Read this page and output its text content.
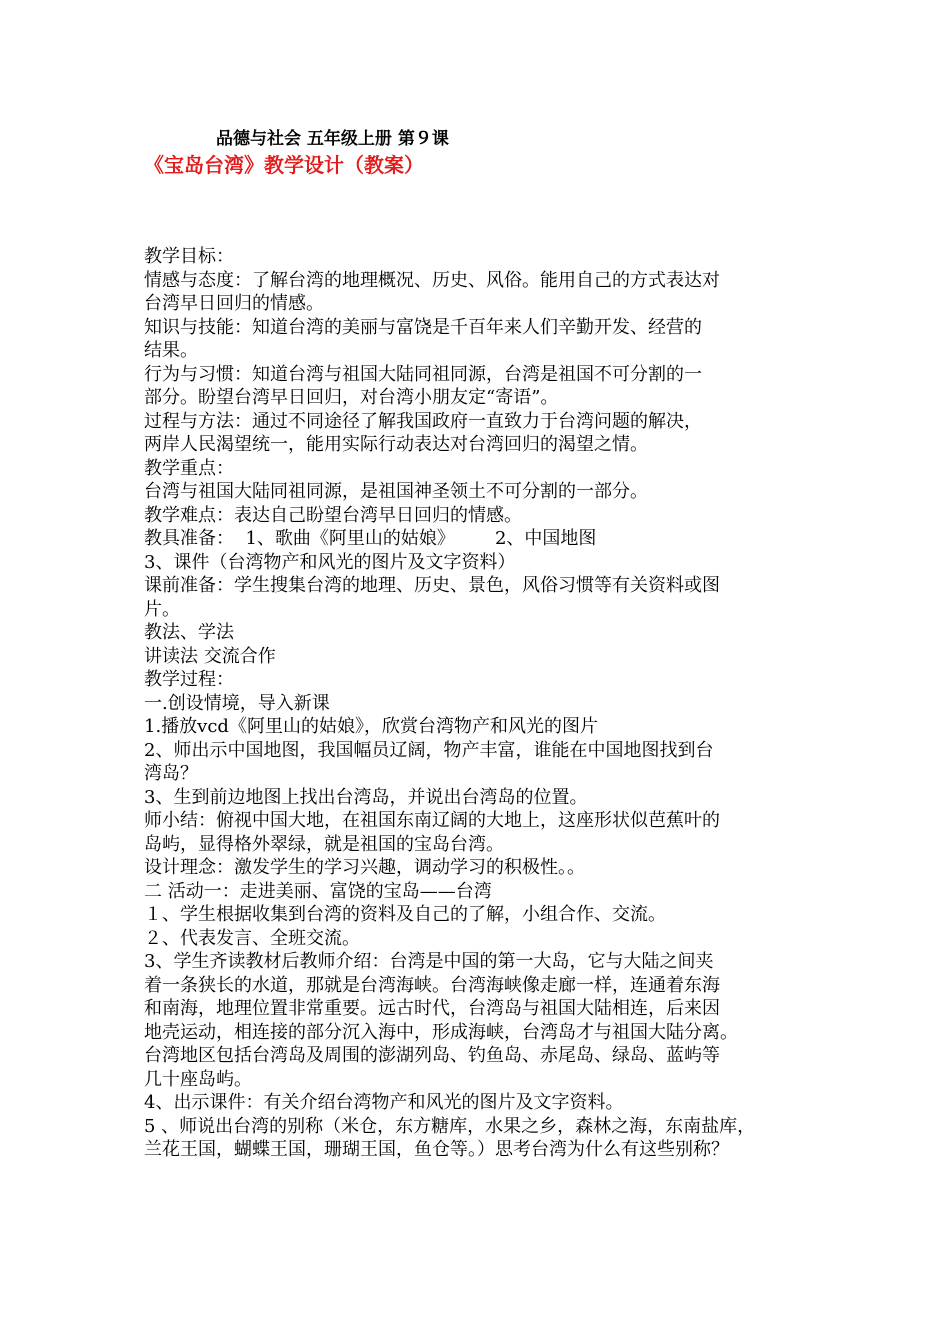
品德与社会 五年级上册 第９课
《宝岛台湾》教学设计（教案）

教学目标：

情感与态度：了解台湾的地理概况、历史、风俗。能用自己的方式表达对

台湾早日回归的情感。

知识与技能：知道台湾的美丽与富饶是千百年来人们辛勤开发、经营的

结果。

行为与习惯：知道台湾与祖国大陆同祖同源，台湾是祖国不可分割的一

部分。盼望台湾早日回归，对台湾小朋友定“寄语”。

过程与方法：通过不同途径了解我国政府一直致力于台湾问题的解决，

两岸人民渴望统一，能用实际行动表达对台湾回归的渴望之情。

教学重点：

台湾与祖国大陆同祖同源，是祖国神圣领土不可分割的一部分。

教学难点：表达自己盼望台湾早日回归的情感。

教具准备：  1、歌曲《阿里山的姑娘》       2、中国地图

3、课件（台湾物产和风光的图片及文字资料）

课前准备：学生搜集台湾的地理、历史、景色，风俗习惯等有关资料或图

片。

教法、学法

讲读法 交流合作

教学过程：

一.创设情境，导入新课

1.播放vcd《阿里山的姑娘》，欣赏台湾物产和风光的图片

2、师出示中国地图，我国幅员辽阔，物产丰富，谁能在中国地图找到台

湾岛？

3、生到前边地图上找出台湾岛，并说出台湾岛的位置。

师小结：俯视中国大地，在祖国东南辽阔的大地上，这座形状似芭蕉叶的

岛屿，显得格外翠绿，就是祖国的宝岛台湾。

设计理念：激发学生的学习兴趣，调动学习的积极性。。

二 活动一：走进美丽、富饶的宝岛——台湾

１、学生根据收集到台湾的资料及自己的了解，小组合作、交流。

２、代表发言、全班交流。

3、学生齐读教材后教师介绍：台湾是中国的第一大岛，它与大陆之间夹

着一条狭长的水道，那就是台湾海峡。台湾海峡像走廊一样，连通着东海

和南海，地理位置非常重要。远古时代，台湾岛与祖国大陆相连，后来因

地壳运动，相连接的部分沉入海中，形成海峡，台湾岛才与祖国大陆分离。

台湾地区包括台湾岛及周围的澎湖列岛、钓鱼岛、赤尾岛、绿岛、蓝屿等

几十座岛屿。

4、出示课件：有关介绍台湾物产和风光的图片及文字资料。

5 、师说出台湾的别称（米仓，东方糖库，水果之乡，森林之海，东南盐库，

兰花王国，蝴蝶王国，珊瑚王国，鱼仓等。）思考台湾为什么有这些别称？
